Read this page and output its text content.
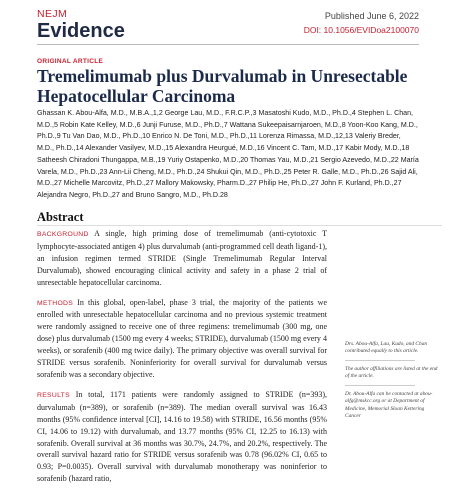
NEJM
Evidence
Published June 6, 2022
DOI: 10.1056/EVIDoa2100070
ORIGINAL ARTICLE
Tremelimumab plus Durvalumab in Unresectable Hepatocellular Carcinoma
Ghassan K. Abou-Alfa, M.D., M.B.A.,1,2 George Lau, M.D., F.R.C.P.,3 Masatoshi Kudo, M.D., Ph.D.,4 Stephen L. Chan, M.D.,5 Robin Kate Kelley, M.D.,6 Junji Furuse, M.D., Ph.D.,7 Wattana Sukeepaisarnjaroen, M.D.,8 Yoon-Koo Kang, M.D., Ph.D.,9 Tu Van Dao, M.D., Ph.D.,10 Enrico N. De Toni, M.D., Ph.D.,11 Lorenza Rimassa, M.D.,12,13 Valeriy Breder, M.D., Ph.D.,14 Alexander Vasilyev, M.D.,15 Alexandra Heurgué, M.D.,16 Vincent C. Tam, M.D.,17 Kabir Mody, M.D.,18 Satheesh Chiradoni Thungappa, M.B.,19 Yuriy Ostapenko, M.D.,20 Thomas Yau, M.D.,21 Sergio Azevedo, M.D.,22 María Varela, M.D., Ph.D.,23 Ann-Lii Cheng, M.D., Ph.D.,24 Shukui Qin, M.D., Ph.D.,25 Peter R. Galle, M.D., Ph.D.,26 Sajid Ali, M.D.,27 Michelle Marcovitz, Ph.D.,27 Mallory Makowsky, Pharm.D.,27 Philip He, Ph.D.,27 John F. Kurland, Ph.D.,27 Alejandra Negro, Ph.D.,27 and Bruno Sangro, M.D., Ph.D.28
Abstract

BACKGROUND A single, high priming dose of tremelimumab (anti-cytotoxic T lymphocyte-associated antigen 4) plus durvalumab (anti-programmed cell death ligand-1), an infusion regimen termed STRIDE (Single Tremelimumab Regular Interval Durvalumab), showed encouraging clinical activity and safety in a phase 2 trial of unresectable hepatocellular carcinoma.

METHODS In this global, open-label, phase 3 trial, the majority of the patients we enrolled with unresectable hepatocellular carcinoma and no previous systemic treatment were randomly assigned to receive one of three regimens: tremelimumab (300 mg, one dose) plus durvalumab (1500 mg every 4 weeks; STRIDE), durvalumab (1500 mg every 4 weeks), or sorafenib (400 mg twice daily). The primary objective was overall survival for STRIDE versus sorafenib. Noninferiority for overall survival for durvalumab versus sorafenib was a secondary objective.

RESULTS In total, 1171 patients were randomly assigned to STRIDE (n=393), durvalumab (n=389), or sorafenib (n=389). The median overall survival was 16.43 months (95% confidence interval [CI], 14.16 to 19.58) with STRIDE, 16.56 months (95% CI, 14.06 to 19.12) with durvalumab, and 13.77 months (95% CI, 12.25 to 16.13) with sorafenib. Overall survival at 36 months was 30.7%, 24.7%, and 20.2%, respectively. The overall survival hazard ratio for STRIDE versus sorafenib was 0.78 (96.02% CI, 0.65 to 0.93; P=0.0035). Overall survival with durvalumab monotherapy was noninferior to sorafenib (hazard ratio,

Drs. Abou-Alfa, Lau, Kudo, and Chan contributed equally to this article.

The author affiliations are listed at the end of the article.

Dr. Abou-Alfa can be contacted at abou-alfg@mskcc.org or at Department of Medicine, Memorial Sloan Kettering Cancer
